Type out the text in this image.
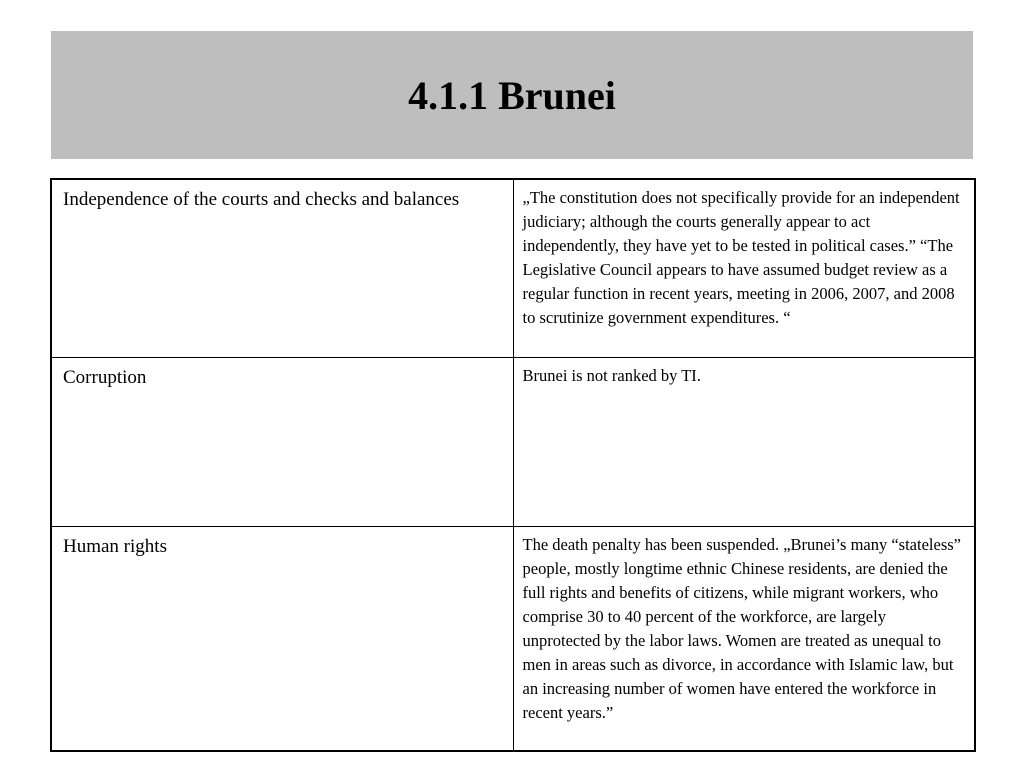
4.1.1 Brunei
Independence of the courts and checks and balances	„The constitution does not specifically provide for an independent judiciary; although the courts generally appear to act independently, they have yet to be tested in political cases.” “The Legislative Council appears to have assumed budget review as a regular function in recent years, meeting in 2006, 2007, and 2008 to scrutinize government expenditures. “
Corruption	Brunei is not ranked by TI.
Human rights	The death penalty has been suspended. „Brunei’s many “stateless” people, mostly longtime ethnic Chinese residents, are denied the full rights and benefits of citizens, while migrant workers, who comprise 30 to 40 percent of the workforce, are largely unprotected by the labor laws. Women are treated as unequal to men in areas such as divorce, in accordance with Islamic law, but an increasing number of women have entered the workforce in recent years.”
